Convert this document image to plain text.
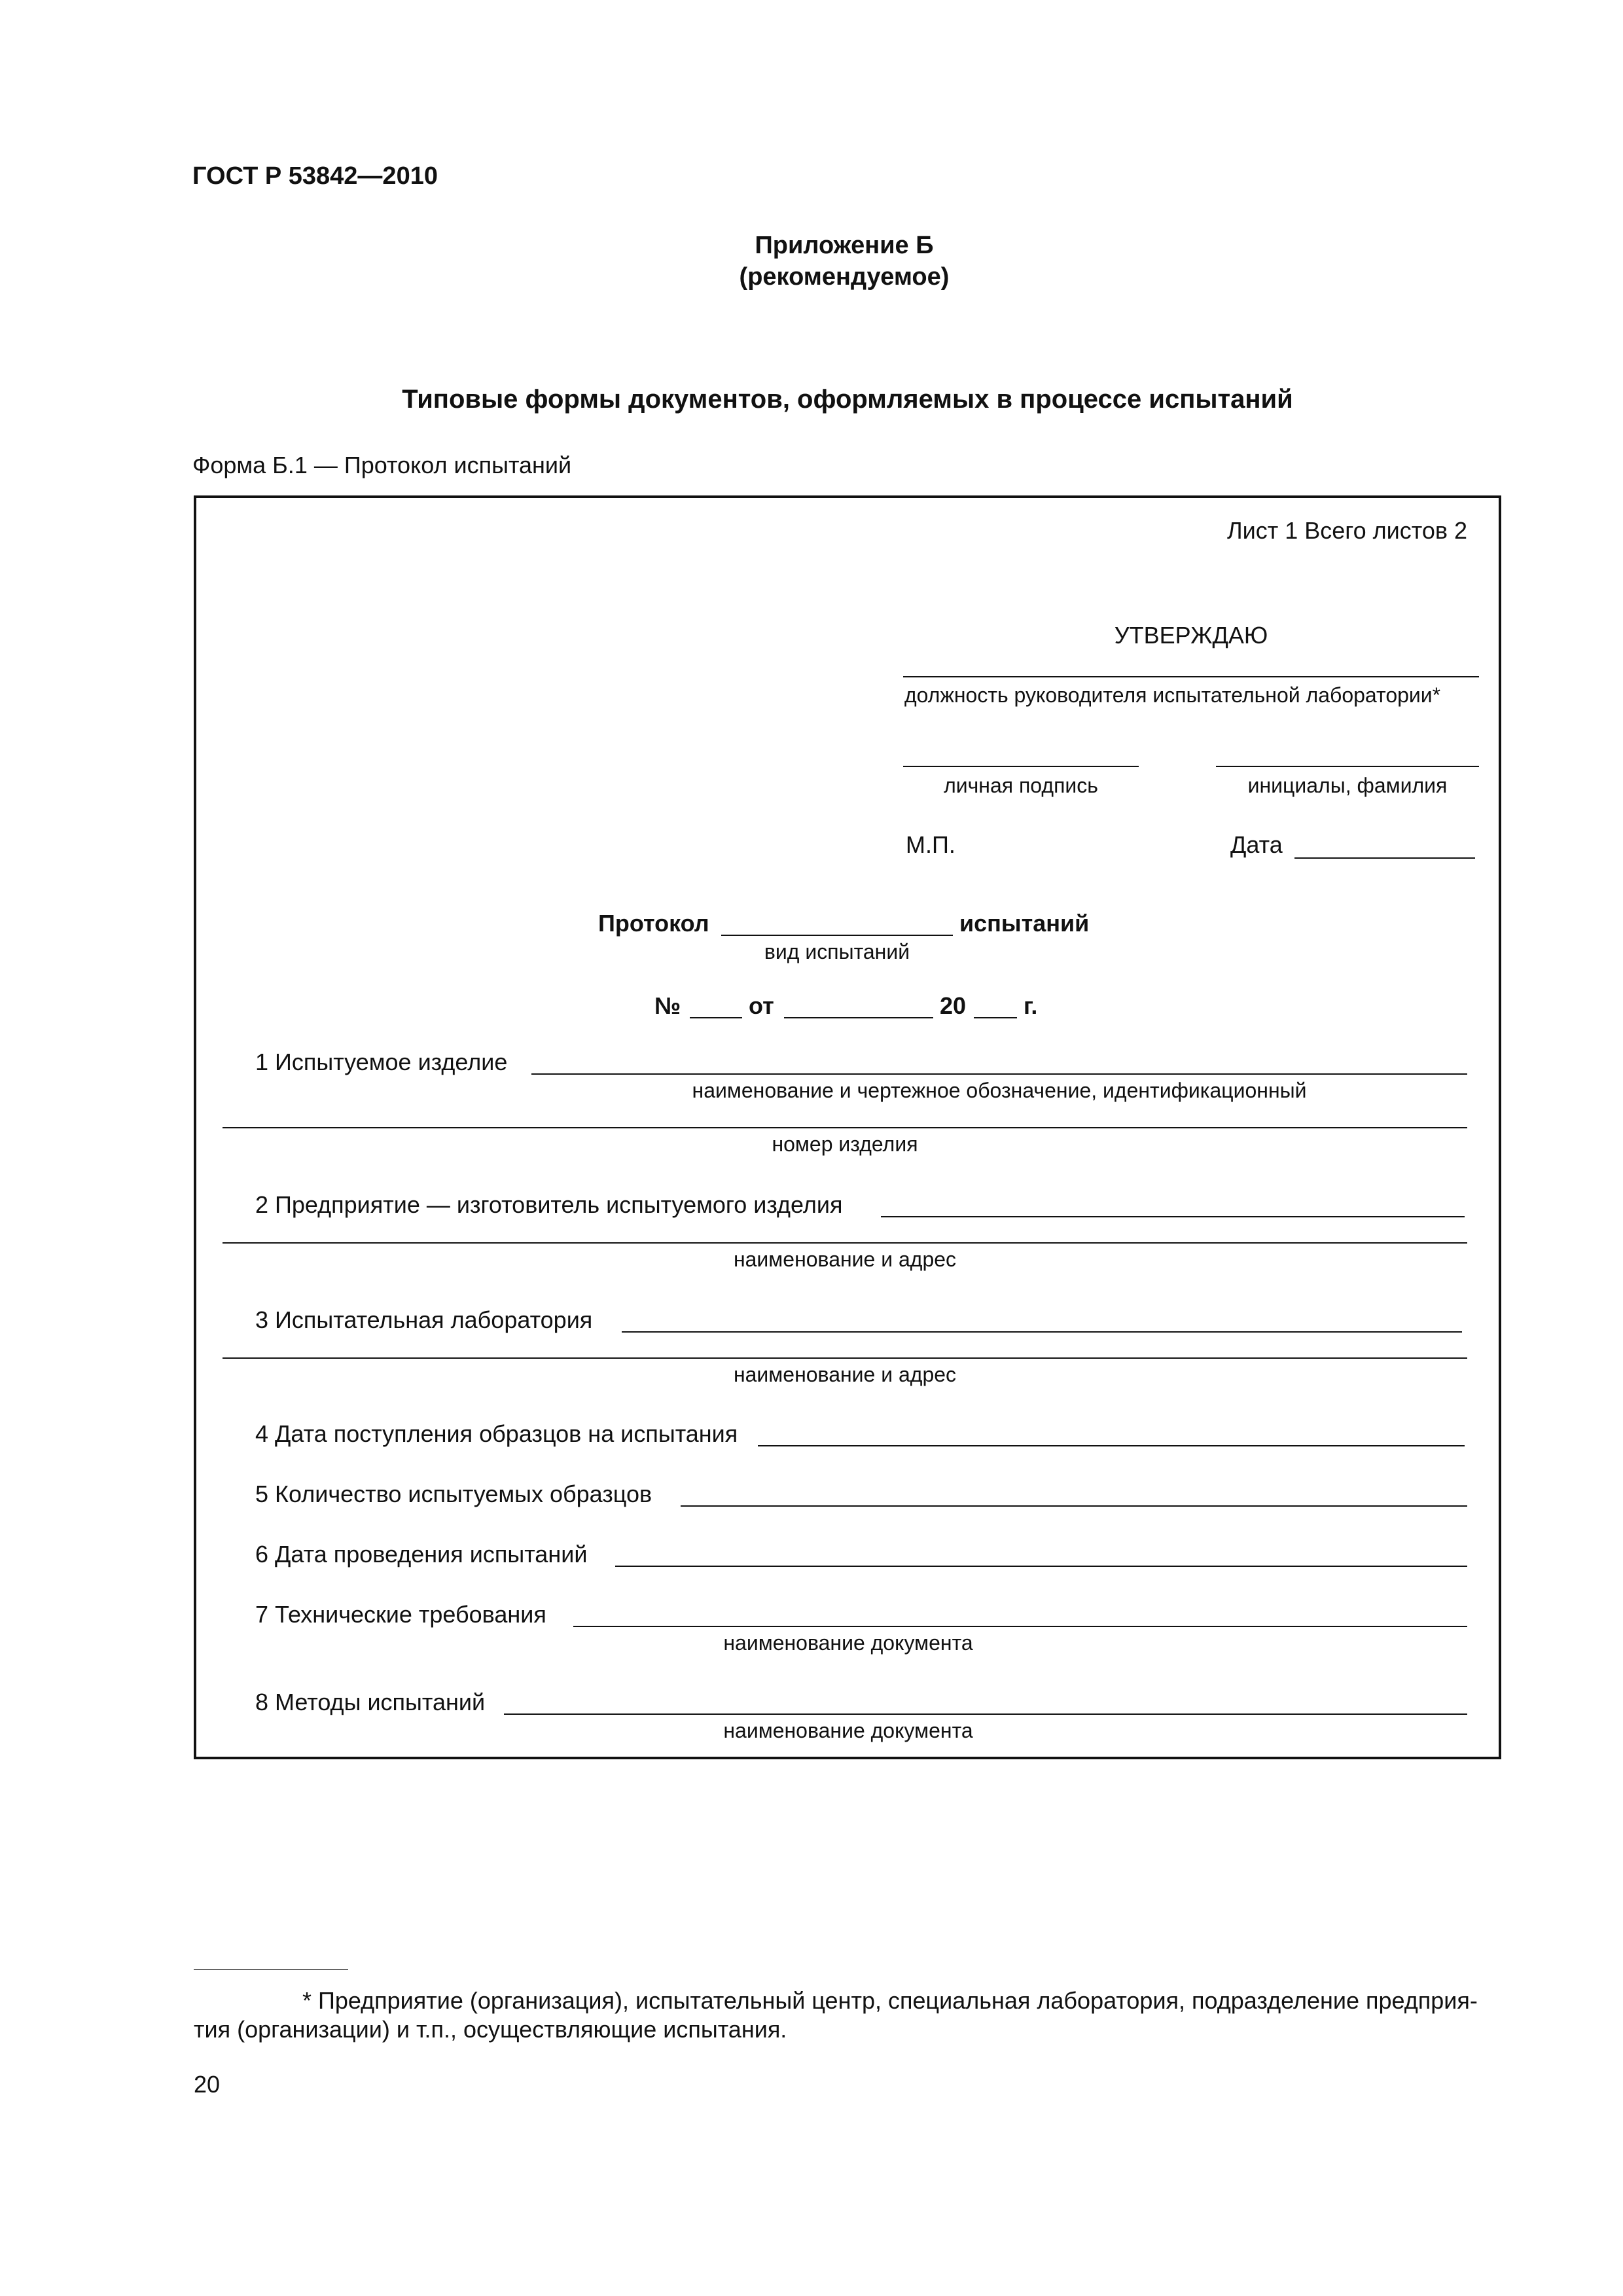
ГОСТ Р 53842—2010
Приложение Б
(рекомендуемое)
Типовые формы документов, оформляемых в процессе испытаний
Форма Б.1 — Протокол испытаний
Лист 1 Всего листов 2
УТВЕРЖДАЮ
должность руководителя испытательной лаборатории*
личная подпись	инициалы, фамилия
М.П.	Дата
Протокол	испытаний
вид испытаний
№	от	20 г.
1 Испытуемое изделие
наименование и чертежное обозначение, идентификационный
номер изделия
2 Предприятие — изготовитель испытуемого изделия
наименование и адрес
3 Испытательная лаборатория
наименование и адрес
4 Дата поступления образцов на испытания
5 Количество испытуемых образцов
6 Дата проведения испытаний
7 Технические требования
наименование документа
8 Методы испытаний
наименование документа
* Предприятие (организация), испытательный центр, специальная лаборатория, подразделение предприя-
тия (организации) и т.п., осуществляющие испытания.
20
